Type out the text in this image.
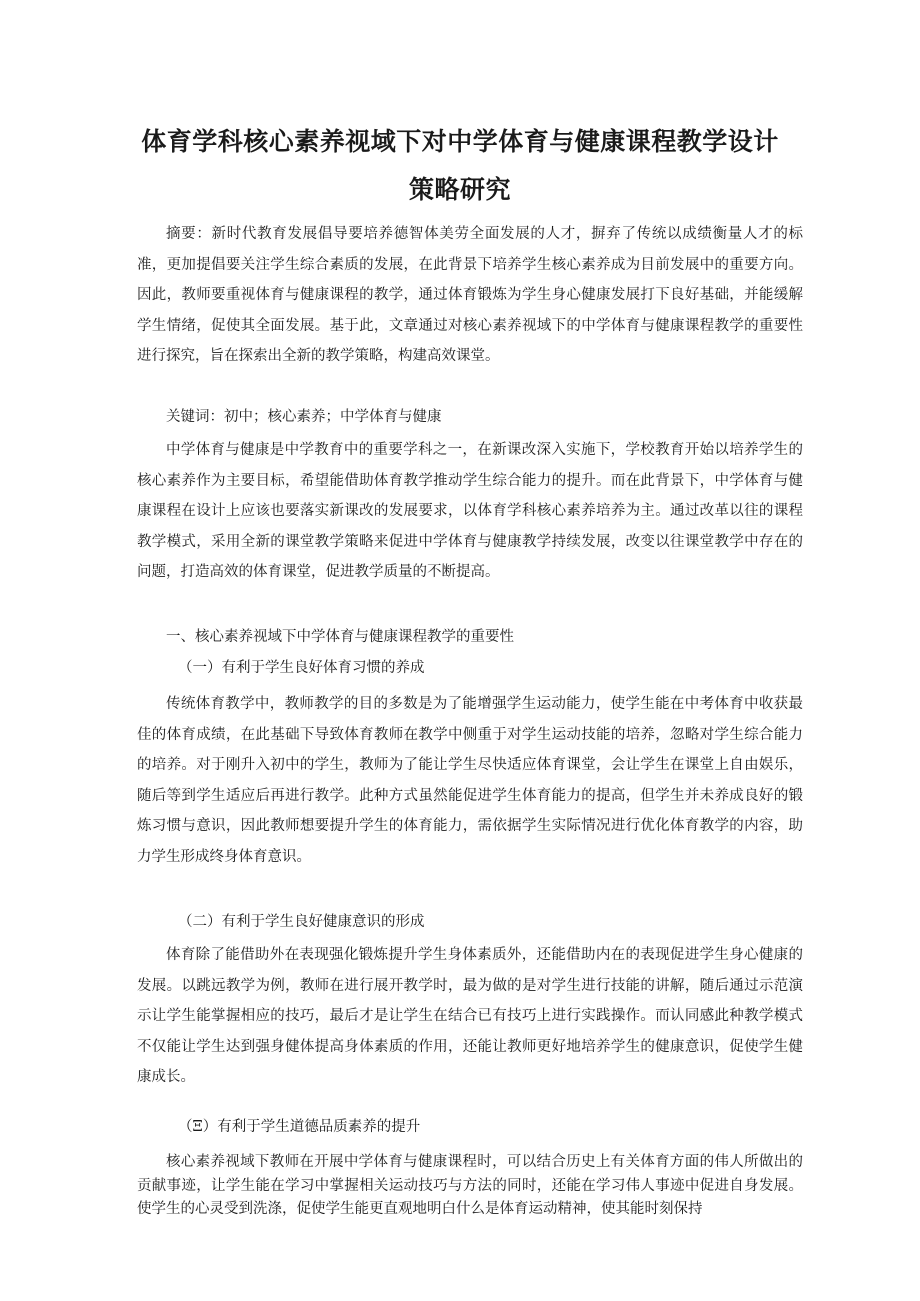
体育学科核心素养视域下对中学体育与健康课程教学设计
策略研究

摘要：新时代教育发展倡导要培养德智体美劳全面发展的人才，摒弃了传统以成绩衡量人才的标准，更加提倡要关注学生综合素质的发展，在此背景下培养学生核心素养成为目前发展中的重要方向。因此，教师要重视体育与健康课程的教学，通过体育锻炼为学生身心健康发展打下良好基础，并能缓解学生情绪，促使其全面发展。基于此，文章通过对核心素养视域下的中学体育与健康课程教学的重要性进行探究，旨在探索出全新的教学策略，构建高效课堂。

关键词：初中；核心素养；中学体育与健康

中学体育与健康是中学教育中的重要学科之一，在新课改深入实施下，学校教育开始以培养学生的核心素养作为主要目标，希望能借助体育教学推动学生综合能力的提升。而在此背景下，中学体育与健康课程在设计上应该也要落实新课改的发展要求，以体育学科核心素养培养为主。通过改革以往的课程教学模式，采用全新的课堂教学策略来促进中学体育与健康教学持续发展，改变以往课堂教学中存在的问题，打造高效的体育课堂，促进教学质量的不断提高。

一、核心素养视域下中学体育与健康课程教学的重要性

（一）有利于学生良好体育习惯的养成

传统体育教学中，教师教学的目的多数是为了能增强学生运动能力，使学生能在中考体育中收获最佳的体育成绩，在此基础下导致体育教师在教学中侧重于对学生运动技能的培养，忽略对学生综合能力的培养。对于刚升入初中的学生，教师为了能让学生尽快适应体育课堂，会让学生在课堂上自由娱乐，随后等到学生适应后再进行教学。此种方式虽然能促进学生体育能力的提高，但学生并未养成良好的锻炼习惯与意识，因此教师想要提升学生的体育能力，需依据学生实际情况进行优化体育教学的内容，助力学生形成终身体育意识。

（二）有利于学生良好健康意识的形成

体育除了能借助外在表现强化锻炼提升学生身体素质外，还能借助内在的表现促进学生身心健康的发展。以跳远教学为例，教师在进行展开教学时，最为做的是对学生进行技能的讲解，随后通过示范演示让学生能掌握相应的技巧，最后才是让学生在结合已有技巧上进行实践操作。而认同感此种教学模式不仅能让学生达到强身健体提高身体素质的作用，还能让教师更好地培养学生的健康意识，促使学生健康成长。

（Ξ）有利于学生道德品质素养的提升

核心素养视域下教师在开展中学体育与健康课程时，可以结合历史上有关体育方面的伟人所做出的贡献事迹，让学生能在学习中掌握相关运动技巧与方法的同时，还能在学习伟人事迹中促进自身发展。使学生的心灵受到洗涤，促使学生能更直观地明白什么是体育运动精神，使其能时刻保持
